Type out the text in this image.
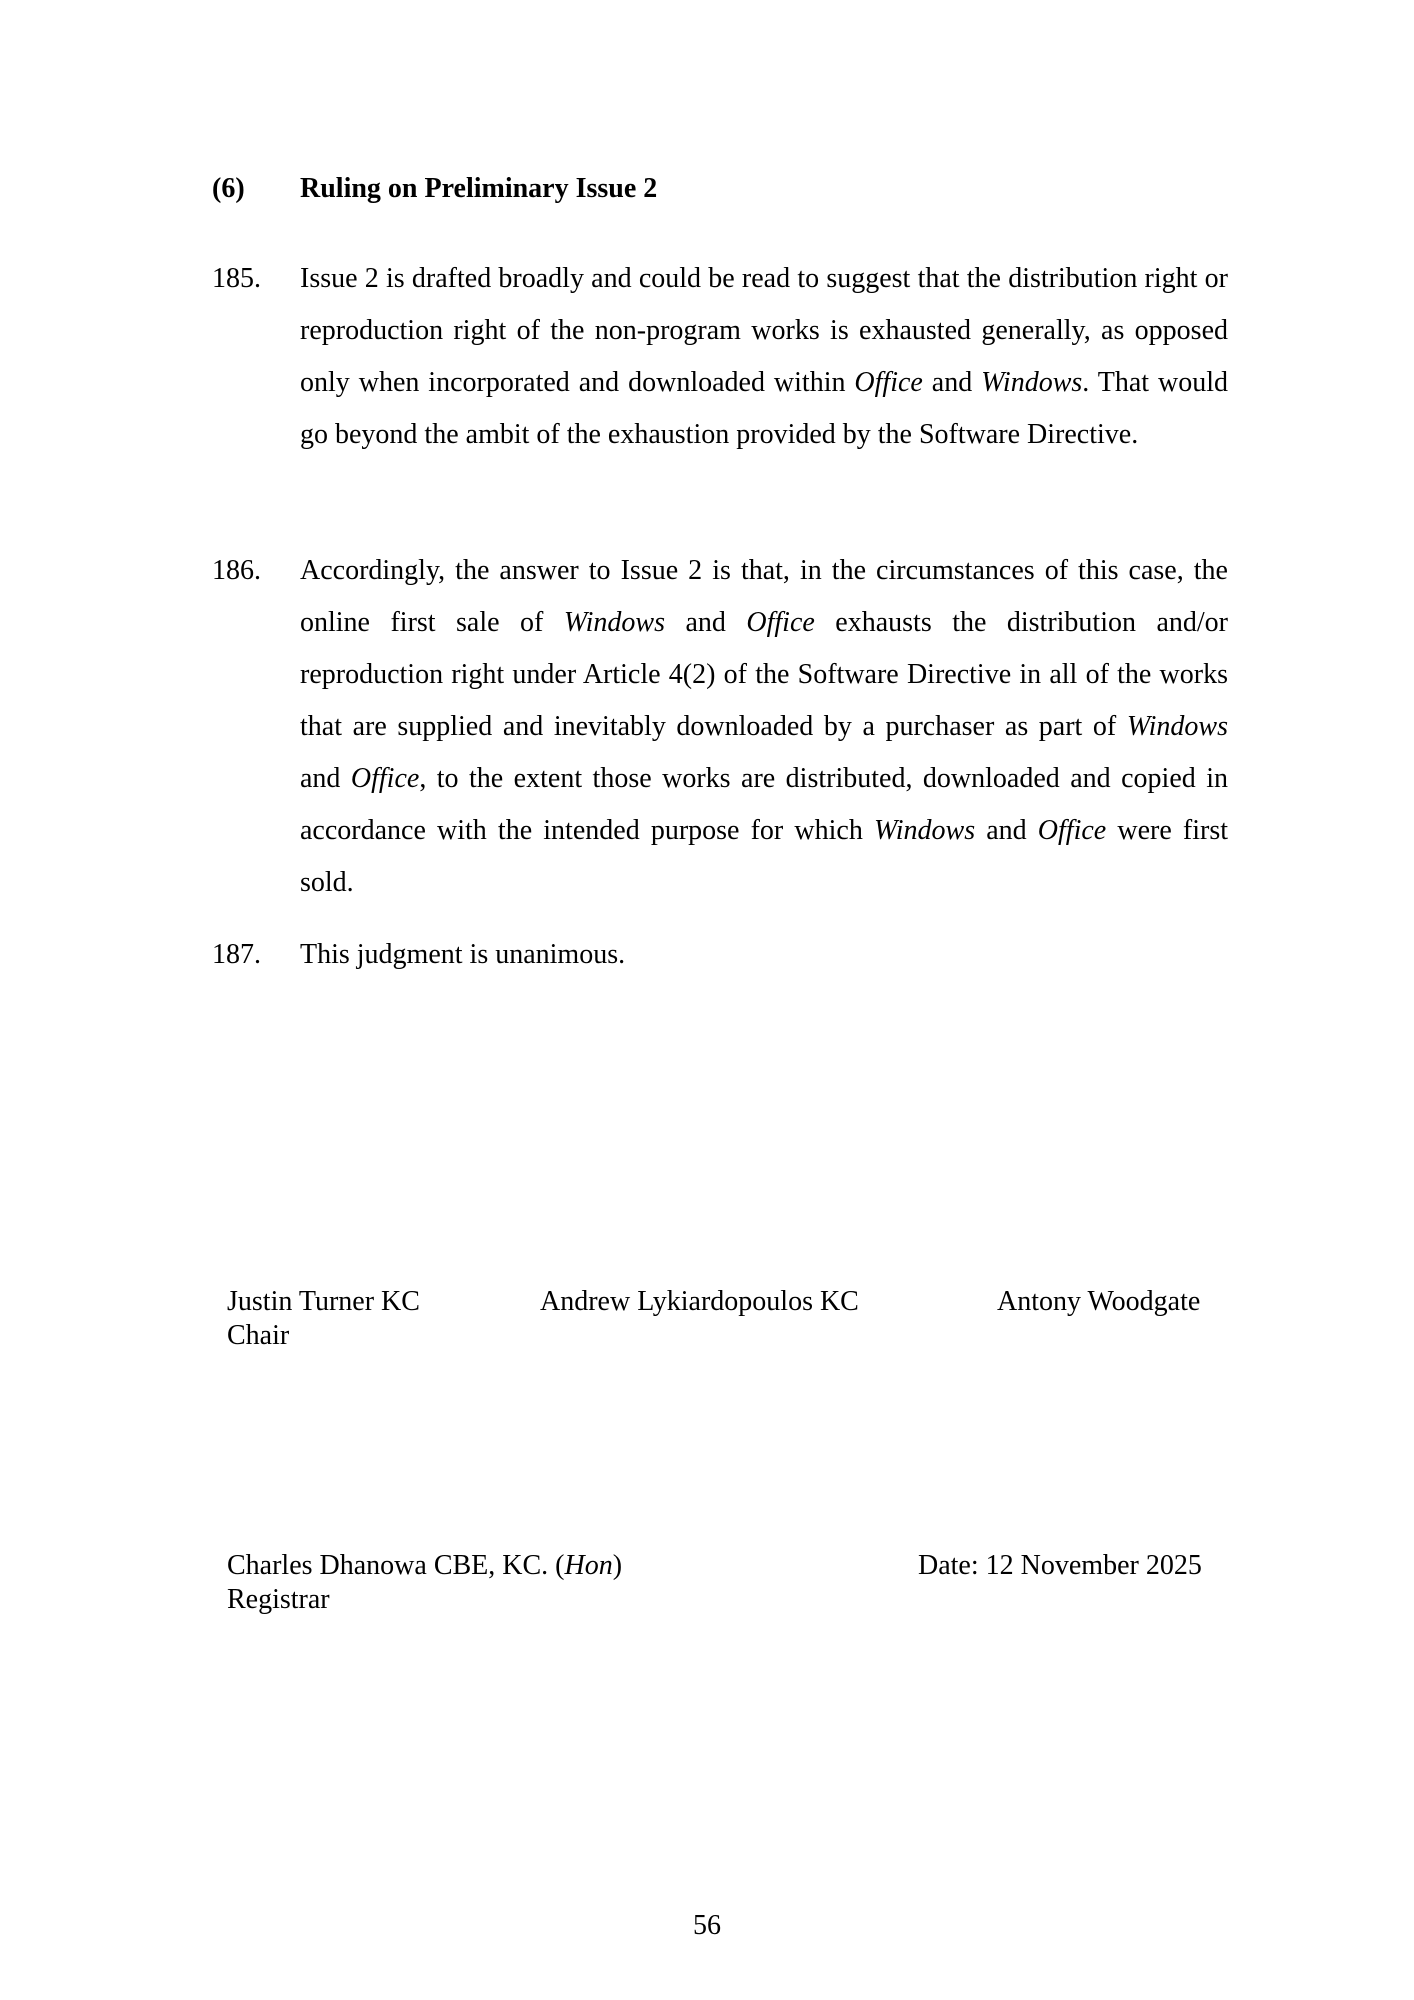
(6)	Ruling on Preliminary Issue 2
185.	Issue 2 is drafted broadly and could be read to suggest that the distribution right or reproduction right of the non-program works is exhausted generally, as opposed only when incorporated and downloaded within Office and Windows. That would go beyond the ambit of the exhaustion provided by the Software Directive.
186.	Accordingly, the answer to Issue 2 is that, in the circumstances of this case, the online first sale of Windows and Office exhausts the distribution and/or reproduction right under Article 4(2) of the Software Directive in all of the works that are supplied and inevitably downloaded by a purchaser as part of Windows and Office, to the extent those works are distributed, downloaded and copied in accordance with the intended purpose for which Windows and Office were first sold.
187.	This judgment is unanimous.
Justin Turner KC
Chair
Andrew Lykiardopoulos KC	Antony Woodgate
Charles Dhanowa CBE, KC. (Hon)
Registrar
Date: 12 November 2025
56
